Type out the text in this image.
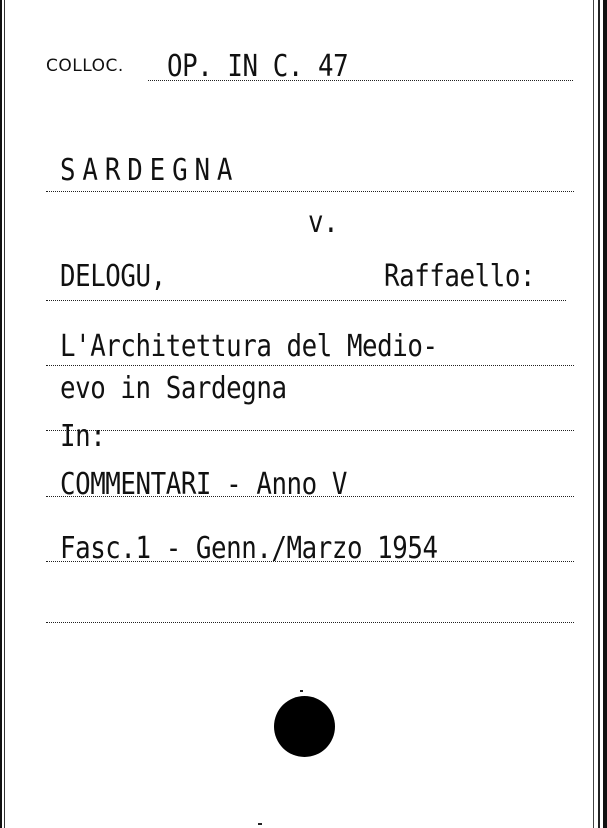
COLLOC. OP. IN C. 47
SARDEGNA
v.
DELOGU,	Raffaello:
L'Architettura del Medio-
evo in Sardegna
In:
COMMENTARI - Anno V
Fasc.1 - Genn./Marzo 1954
